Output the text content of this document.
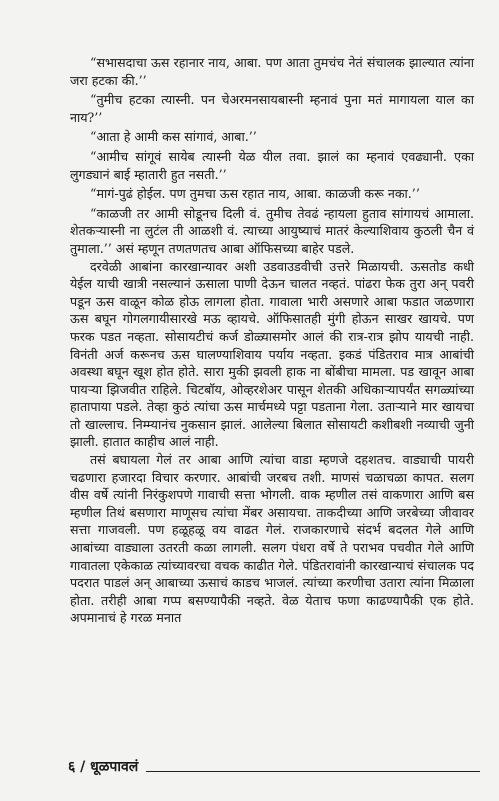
“सभासदाचा ऊस रहानार नाय, आबा. पण आता तुमचंच नेतं संचालक झाल्यात त्यांना जरा हटका की.’’

“तुमीच हटका त्यास्नी. पन चेअरमनसायबास्नी म्हनावं पुना मतं मागायला याल का नाय?’’

“आता हे आमी कस सांगावं, आबा.’’

“आमीच सांगूवं सायेब त्यास्नी येळ यील तवा. झालं का म्हनावं एवढ्यानी. एका लुगड्यानं बाई म्हातारी हुत नसती.’’

“मागं-पुढं होईल. पण तुमचा ऊस रहात नाय, आबा. काळजी करू नका.’’

“काळजी तर आमी सोडूनच दिली वं. तुमीच तेवढं न्हायला हुताव सांगायचं आमाला. शेतकऱ्यास्नी ना लुटंल ती आळशी वं. त्याच्या आयुष्याचं मातरं केल्याशिवाय कुठली चैन वं तुमाला.’’ असं म्हणून तणतणतच आबा ऑफिसच्या बाहेर पडले.

दरवेळी आबांना कारखान्यावर अशी उडवाउडवीची उत्तरे मिळायची. ऊसतोड कधी येईल याची खात्री नसल्यानं ऊसाला पाणी देऊन चालत नव्हतं. पांढरा फेक तुरा अन् पवरी पडून ऊस वाळून कोळ होऊ लागला होता. गावाला भारी असणारे आबा फडात जळणारा ऊस बघून गोगलगायीसारखे मऊ व्हायचे. ऑफिसातही मुंगी होऊन साखर खायचे. पण फरक पडत नव्हता. सोसायटीचं कर्ज डोळ्यासमोर आलं की रात्र-रात्र झोप यायची नाही. विनंती अर्ज करूनच ऊस घालण्याशिवाय पर्याय नव्हता. इकडं पंडितराव मात्र आबांची अवस्था बघून खूश होत होते. सारा मुकी झवली हाक ना बोंबीचा मामला. पड खावून आबा पायऱ्या झिजवीत राहिले. चिटबॉय, ओव्हरशेअर पासून शेतकी अधिकाऱ्यापर्यंत सगळ्यांच्या हातापाया पडले. तेव्हा कुठं त्यांचा ऊस मार्चमध्ये पट्टा पडताना गेला. उताऱ्याने मार खायचा तो खाल्लाच. निम्म्यानंच नुकसान झालं. आलेल्या बिलात सोसायटी कशीबशी नव्याची जुनी झाली. हातात काहीच आलं नाही.

तसं बघायला गेलं तर आबा आणि त्यांचा वाडा म्हणजे दहशतच. वाड्याची पायरी चढणारा हजारदा विचार करणार. आबांची जरबच तशी. माणसं चळाचळा कापत. सलग वीस वर्षे त्यांनी निरंकुशपणे गावाची सत्ता भोगली. वाक म्हणील तसं वाकणारा आणि बस म्हणील तिथं बसणारा माणूसच त्यांचा मेंबर असायचा. ताकदीच्या आणि जरबेच्या जीवावर सत्ता गाजवली. पण हळूहळू वय वाढत गेलं. राजकारणाचे संदर्भ बदलत गेले आणि आबांच्या वाड्याला उतरती कळा लागली. सलग पंधरा वर्षे ते पराभव पचवीत गेले आणि गावातला एकेकाळ त्यांच्यावरचा वचक काढीत गेले. पंडितरावांनी कारखान्याचं संचालक पद पदरात पाडलं अन् आबाच्या ऊसाचं काडच भाजलं. त्यांच्या करणीचा उतारा त्यांना मिळाला होता. तरीही आबा गप्प बसण्यापैकी नव्हते. वेळ येताच फणा काढण्यापैकी एक होते. अपमानाचं हे गरळ मनात

६ / धूळपावलं
